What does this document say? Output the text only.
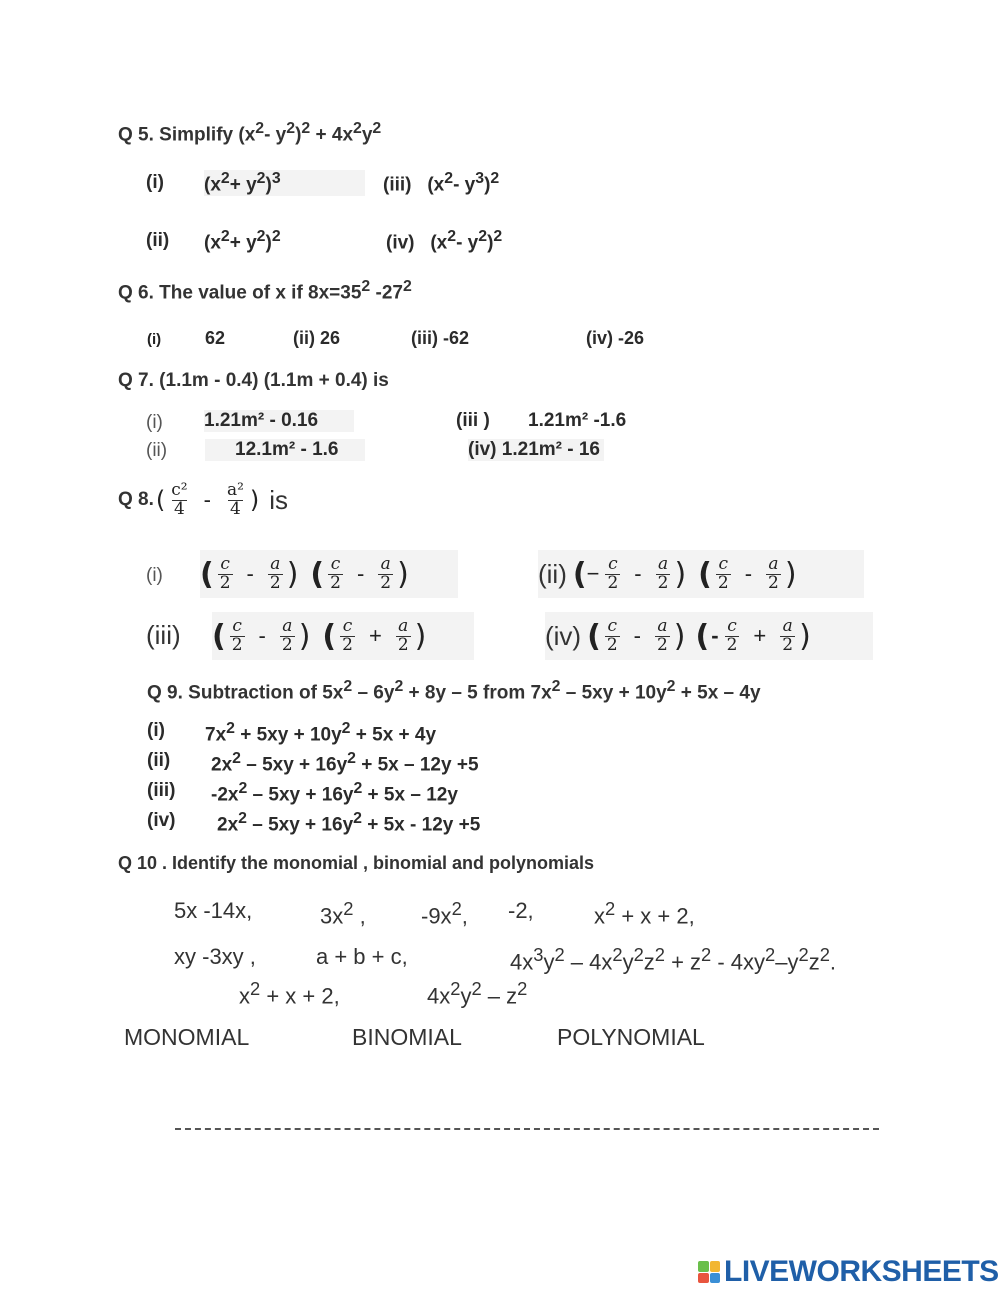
Q 5. Simplify ($x^2-$ $y^2)^2 + 4x^2y^2$
(i) $(x^2+ y^2)^3$	(iii) ($x^2-$ $y^3)^2$
(ii) $(x^2+ y^2)^2$	(iv) ($x^2-$ $y^2)^2$
Q 6. The value of x if $8x=35^2$ $-27^2$
(i) 62	(ii) 26	(iii) -62	(iv) -26
Q 7. (1.1m - 0.4) (1.1m + 0.4) is
(i) 1.21m² - 0.16	(iii ) 1.21m² -1.6
(ii)	12.1m² - 1.6	(iv) 1.21m² - 16
Q 8. ( $\frac{\text{c²}}{4} - \frac{\text{a²}}{4}$ ) is
(i) ( $\frac{c}{2} - \frac{a}{2}$ ) ( $\frac{c}{2} - \frac{a}{2}$ )	(ii) ( − $\frac{c}{2} - \frac{a}{2}$ ) ( $\frac{c}{2} - \frac{a}{2}$ )
(iii) ( $\frac{c}{2} - \frac{a}{2}$ ) ( $\frac{c}{2} + \frac{a}{2}$ )	(iv) ( $\frac{c}{2} - \frac{a}{2}$ ) ( - $\frac{c}{2} + \frac{a}{2}$ )
Q 9. Subtraction of $5x^2 - 6y^2 + 8y - 5$ from $7x^2 - 5xy + 10y^2 + 5x - 4y$
(i) $7x^2 + 5xy + 10y^2 + 5x + 4y$
(ii) $2x^2 - 5xy + 16y^2 + 5x - 12y +5$
(iii) $-2x^2 - 5xy + 16y^2 + 5x - 12y$
(iv) $2x^2 - 5xy + 16y^2 + 5x - 12y +5$
Q 10 . Identify the monomial , binomial and polynomials
5x -14x,	$3x^2$ ,	$-9x^2$, -2,	$x^2 + x + 2$,
xy -3xy ,	a + b + c,	$4x^3y^2 - 4x^2y^2z^2 + z^2 - 4xy^2-y^2z^2$.
$x^2 + x + 2$,	$4x^2y^2 - z^2$
MONOMIAL	BINOMIAL	POLYNOMIAL
LIVEWORKSHEETS
